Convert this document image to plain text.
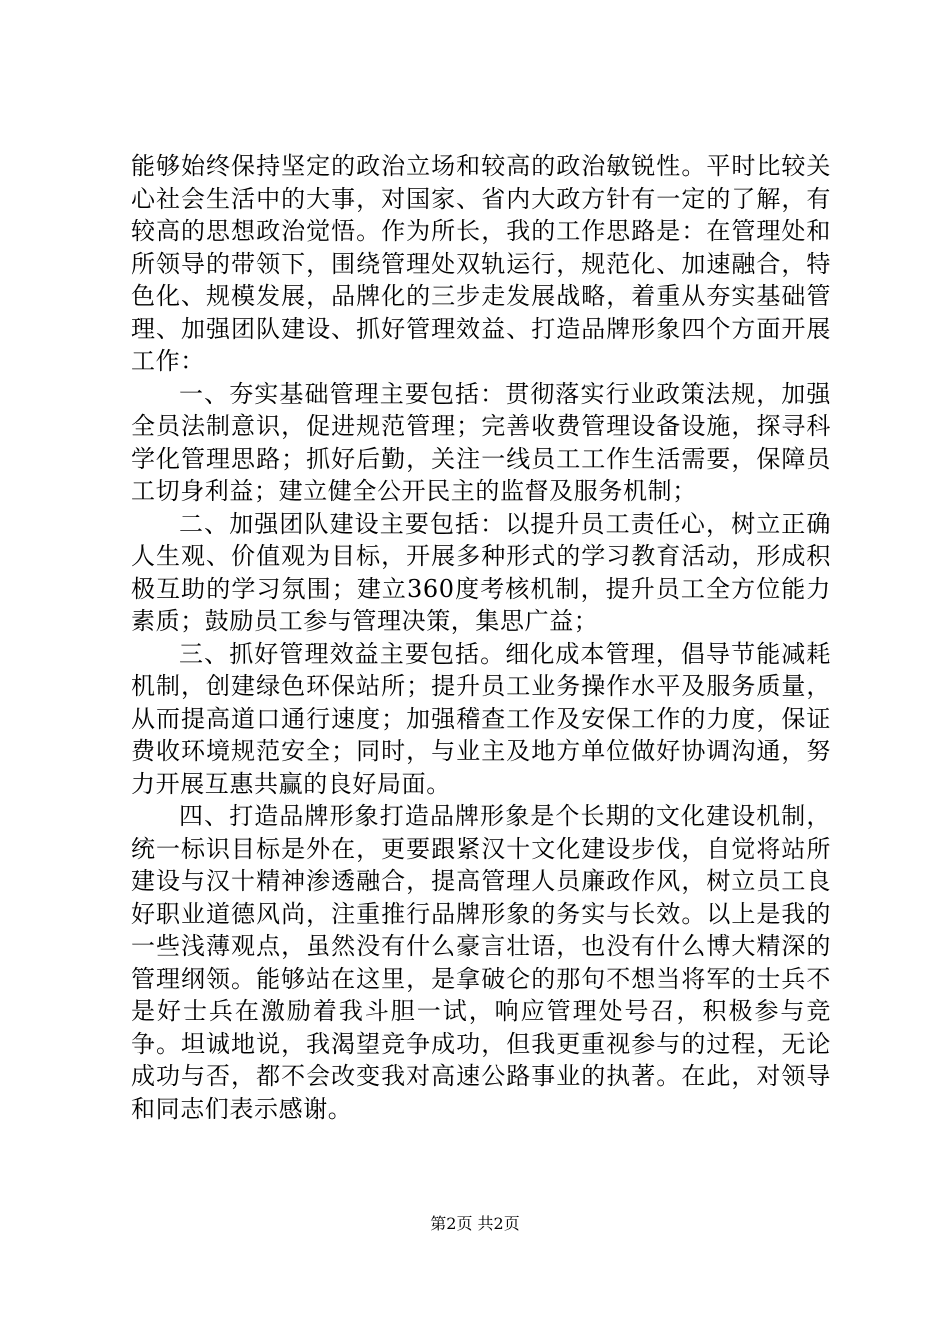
能够始终保持坚定的政治立场和较高的政治敏锐性。平时比较关心社会生活中的大事，对国家、省内大政方针有一定的了解，有较高的思想政治觉悟。作为所长，我的工作思路是：在管理处和所领导的带领下，围绕管理处双轨运行，规范化、加速融合，特色化、规模发展，品牌化的三步走发展战略，着重从夯实基础管理、加强团队建设、抓好管理效益、打造品牌形象四个方面开展工作：

一、夯实基础管理主要包括：贯彻落实行业政策法规，加强全员法制意识，促进规范管理；完善收费管理设备设施，探寻科学化管理思路；抓好后勤，关注一线员工工作生活需要，保障员工切身利益；建立健全公开民主的监督及服务机制；

二、加强团队建设主要包括：以提升员工责任心，树立正确人生观、价值观为目标，开展多种形式的学习教育活动，形成积极互助的学习氛围；建立360度考核机制，提升员工全方位能力素质；鼓励员工参与管理决策，集思广益；

三、抓好管理效益主要包括。细化成本管理，倡导节能减耗机制，创建绿色环保站所；提升员工业务操作水平及服务质量，从而提高道口通行速度；加强稽查工作及安保工作的力度，保证费收环境规范安全；同时，与业主及地方单位做好协调沟通，努力开展互惠共赢的良好局面。

四、打造品牌形象打造品牌形象是个长期的文化建设机制，统一标识目标是外在，更要跟紧汉十文化建设步伐，自觉将站所建设与汉十精神渗透融合，提高管理人员廉政作风，树立员工良好职业道德风尚，注重推行品牌形象的务实与长效。以上是我的一些浅薄观点，虽然没有什么豪言壮语，也没有什么博大精深的管理纲领。能够站在这里，是拿破仑的那句不想当将军的士兵不是好士兵在激励着我斗胆一试，响应管理处号召，积极参与竞争。坦诚地说，我渴望竞争成功，但我更重视参与的过程，无论成功与否，都不会改变我对高速公路事业的执著。在此，对领导和同志们表示感谢。

第2页 共2页
